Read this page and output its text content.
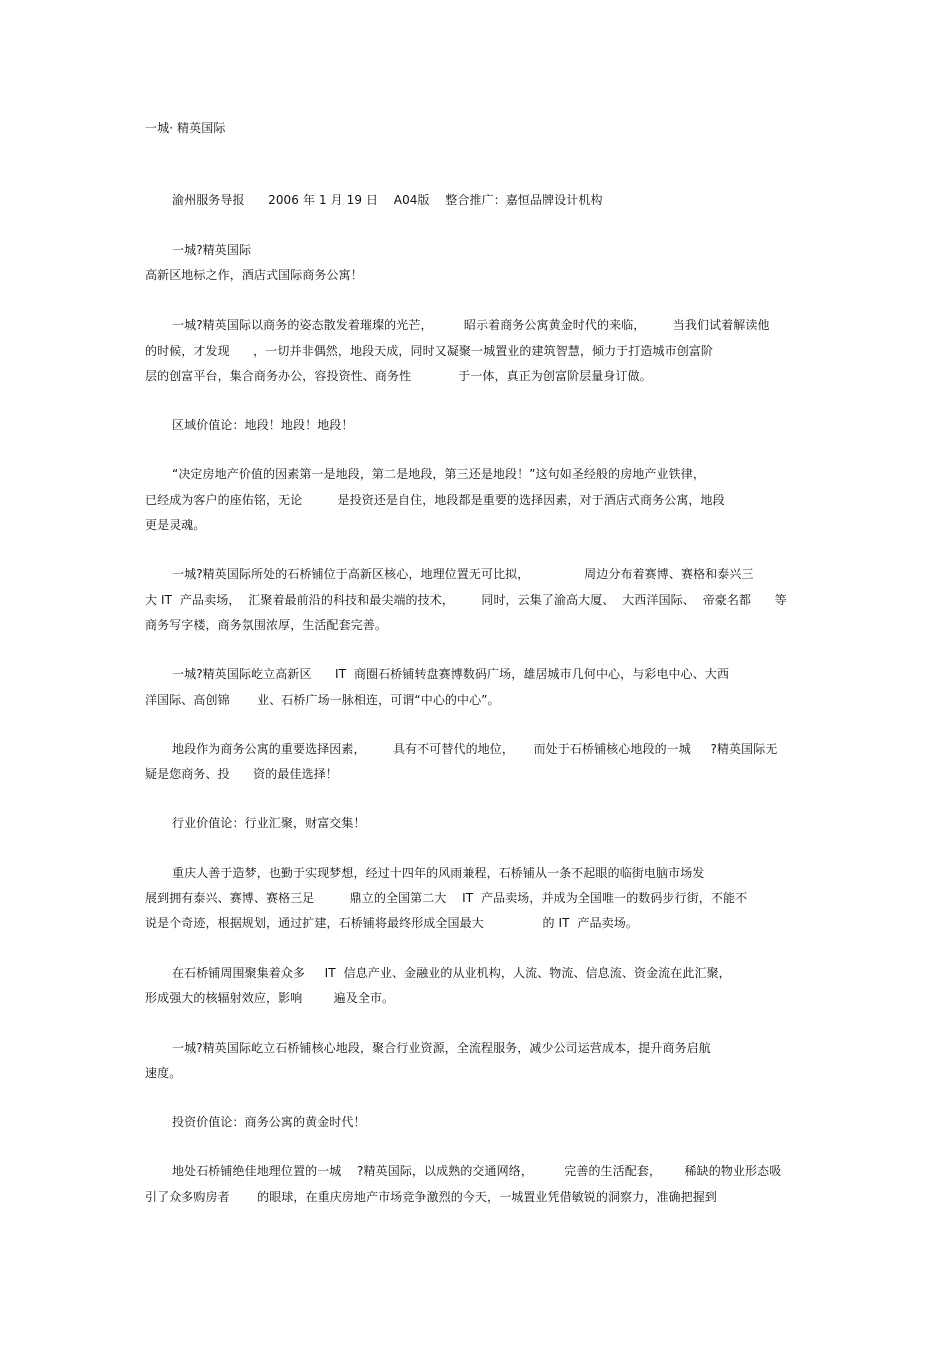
一城· 精英国际
渝州服务导报      2006 年 1 月 19 日    A04版    整合推广：嘉恒品牌设计机构
一城?精英国际
高新区地标之作，酒店式国际商务公寓！
一城?精英国际以商务的姿态散发着璀璨的光芒，        昭示着商务公寓黄金时代的来临，       当我们试着解读他
的时候，才发现      ，一切并非偶然，地段天成，同时又凝聚一城置业的建筑智慧，倾力于打造城市创富阶
层的创富平台，集合商务办公，容投资性、商务性            于一体，真正为创富阶层量身订做。
区域价值论：地段！地段！地段！
“决定房地产价值的因素第一是地段，第二是地段，第三还是地段！”这句如圣经般的房地产业铁律，
已经成为客户的座佑铭，无论         是投资还是自住，地段都是重要的选择因素，对于酒店式商务公寓，地段
更是灵魂。
一城?精英国际所处的石桥铺位于高新区核心，地理位置无可比拟，              周边分布着赛博、赛格和泰兴三
大 IT  产品卖场，  汇聚着最前沿的科技和最尖端的技术，       同时，云集了渝高大厦、  大西洋国际、  帝豪名都      等
商务写字楼，商务氛围浓厚，生活配套完善。
一城?精英国际屹立高新区      IT  商圈石桥铺转盘赛博数码广场，雄居城市几何中心，与彩电中心、大西
洋国际、高创锦       业、石桥广场一脉相连，可谓“中心的中心”。
地段作为商务公寓的重要选择因素，       具有不可替代的地位，     而处于石桥铺核心地段的一城     ?精英国际无
疑是您商务、投      资的最佳选择！
行业价值论：行业汇聚，财富交集！
重庆人善于造梦，也勤于实现梦想，经过十四年的风雨兼程，石桥铺从一条不起眼的临街电脑市场发
展到拥有泰兴、赛博、赛格三足         鼎立的全国第二大    IT  产品卖场，并成为全国唯一的数码步行街，不能不
说是个奇迹，根据规划，通过扩建，石桥铺将最终形成全国最大               的 IT  产品卖场。
在石桥铺周围聚集着众多     IT  信息产业、金融业的从业机构，人流、物流、信息流、资金流在此汇聚，
形成强大的核辐射效应，影响        遍及全市。
一城?精英国际屹立石桥铺核心地段，聚合行业资源，全流程服务，减少公司运营成本，提升商务启航
速度。
投资价值论：商务公寓的黄金时代！
地处石桥铺绝佳地理位置的一城    ?精英国际，以成熟的交通网络，        完善的生活配套，      稀缺的物业形态吸
引了众多购房者       的眼球，在重庆房地产市场竞争激烈的今天，一城置业凭借敏锐的洞察力，准确把握到
